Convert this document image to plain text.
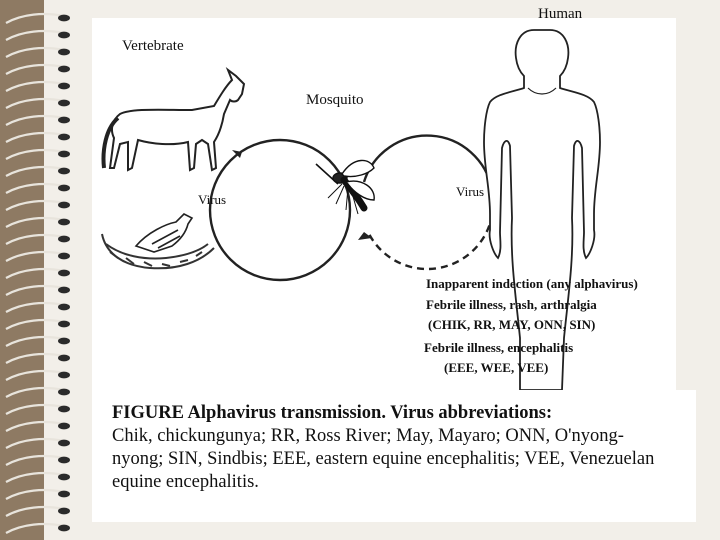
Human
Vertebrate
Mosquito
Virus
Virus
Inapparent indection (any alphavirus)
Febrile illness, rash, arthralgia
(CHIK, RR, MAY, ONN, SIN)
Febrile illness, encephalitis
(EEE, WEE, VEE)
FIGURE Alphavirus transmission. Virus abbreviations:
Chik, chickungunya; RR, Ross River; May, Mayaro; ONN, O'nyong-nyong; SIN, Sindbis; EEE, eastern equine encephalitis; VEE, Venezuelan equine encephalitis.
